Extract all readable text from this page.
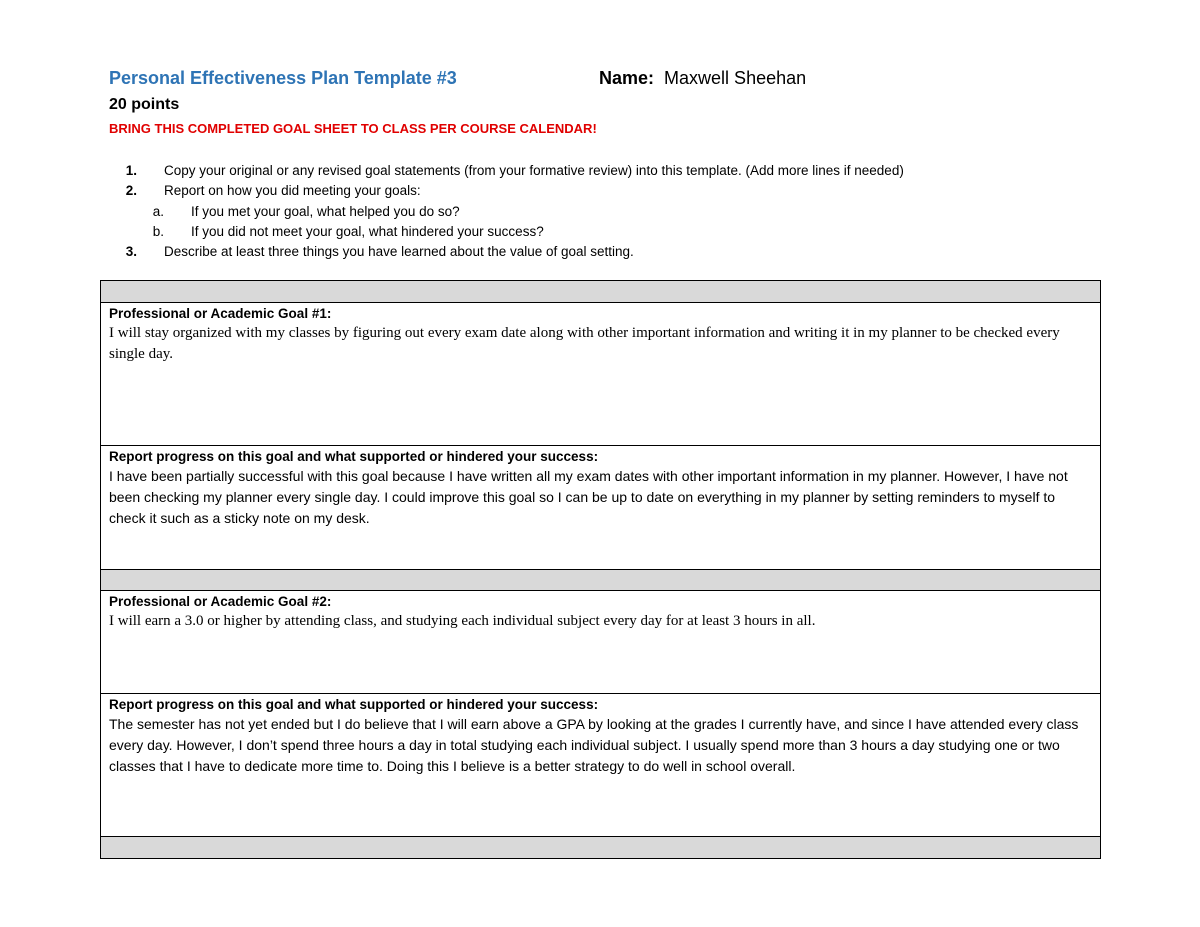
Personal Effectiveness Plan Template #3	Name: Maxwell Sheehan
20 points
BRING THIS COMPLETED GOAL SHEET TO CLASS PER COURSE CALENDAR!
1.	Copy your original or any revised goal statements (from your formative review) into this template. (Add more lines if needed)
2.	Report on how you did meeting your goals:
a.	If you met your goal, what helped you do so?
b.	If you did not meet your goal, what hindered your success?
3.	Describe at least three things you have learned about the value of goal setting.

Professional or Academic Goal #1:
I will stay organized with my classes by figuring out every exam date along with other important information and writing it in my planner to be checked every single day.

Report progress on this goal and what supported or hindered your success:
I have been partially successful with this goal because I have written all my exam dates with other important information in my planner. However, I have not been checking my planner every single day. I could improve this goal so I can be up to date on everything in my planner by setting reminders to myself to check it such as a sticky note on my desk.

Professional or Academic Goal #2:
I will earn a 3.0 or higher by attending class, and studying each individual subject every day for at least 3 hours in all.

Report progress on this goal and what supported or hindered your success:
The semester has not yet ended but I do believe that I will earn above a GPA by looking at the grades I currently have, and since I have attended every class every day. However, I don’t spend three hours a day in total studying each individual subject. I usually spend more than 3 hours a day studying one or two classes that I have to dedicate more time to. Doing this I believe is a better strategy to do well in school overall.
